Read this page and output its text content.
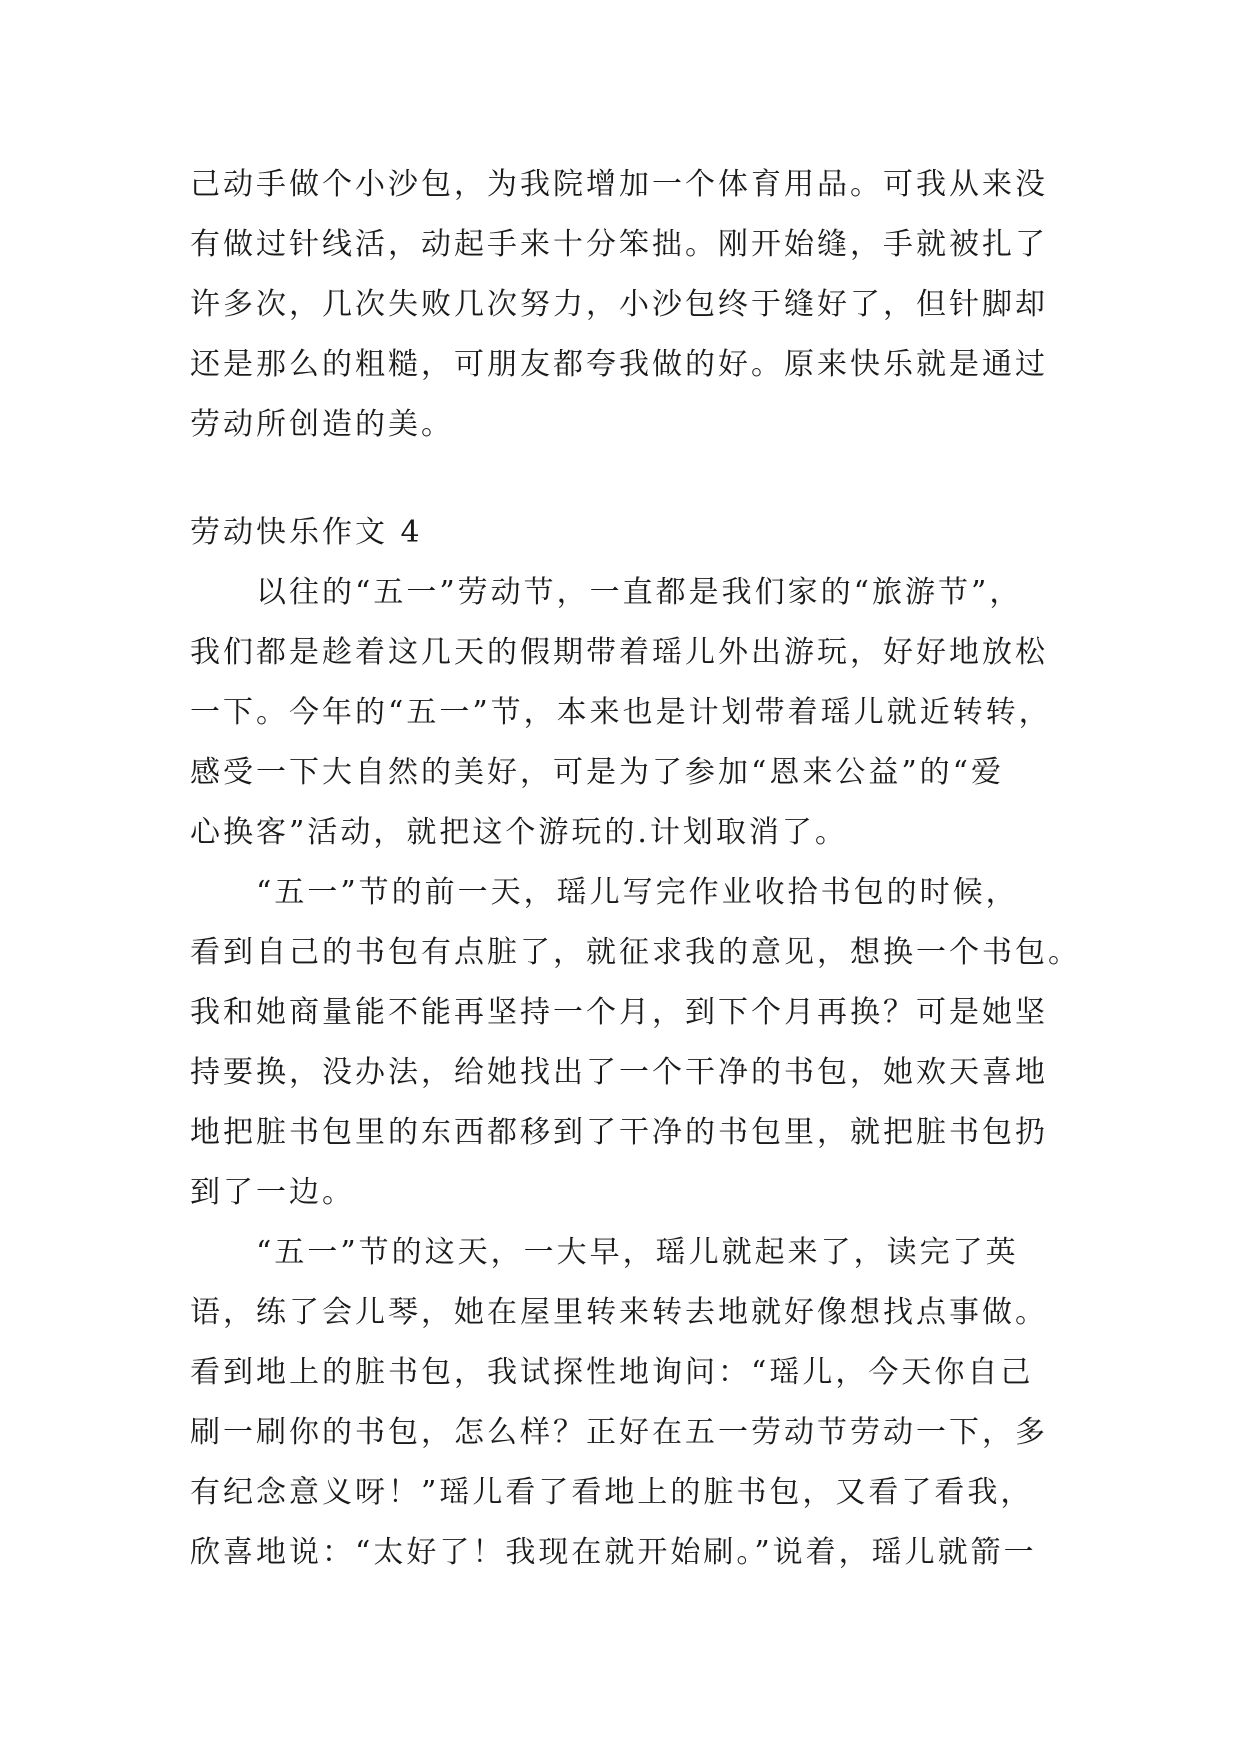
己动手做个小沙包，为我院增加一个体育用品。可我从来没
有做过针线活，动起手来十分笨拙。刚开始缝，手就被扎了
许多次，几次失败几次努力，小沙包终于缝好了，但针脚却
还是那么的粗糙，可朋友都夸我做的好。原来快乐就是通过
劳动所创造的美。
劳动快乐作文 4
以往的“五一”劳动节，一直都是我们家的“旅游节”，
我们都是趁着这几天的假期带着瑶儿外出游玩，好好地放松
一下。今年的“五一”节，本来也是计划带着瑶儿就近转转，
感受一下大自然的美好，可是为了参加“恩来公益”的“爱
心换客”活动，就把这个游玩的.计划取消了。
“五一”节的前一天，瑶儿写完作业收拾书包的时候，
看到自己的书包有点脏了，就征求我的意见，想换一个书包。
我和她商量能不能再坚持一个月，到下个月再换？可是她坚
持要换，没办法，给她找出了一个干净的书包，她欢天喜地
地把脏书包里的东西都移到了干净的书包里，就把脏书包扔
到了一边。
“五一”节的这天，一大早，瑶儿就起来了，读完了英
语，练了会儿琴，她在屋里转来转去地就好像想找点事做。
看到地上的脏书包，我试探性地询问：“瑶儿，今天你自己
刷一刷你的书包，怎么样？正好在五一劳动节劳动一下，多
有纪念意义呀！”瑶儿看了看地上的脏书包，又看了看我，
欣喜地说：“太好了！我现在就开始刷。”说着，瑶儿就箭一
